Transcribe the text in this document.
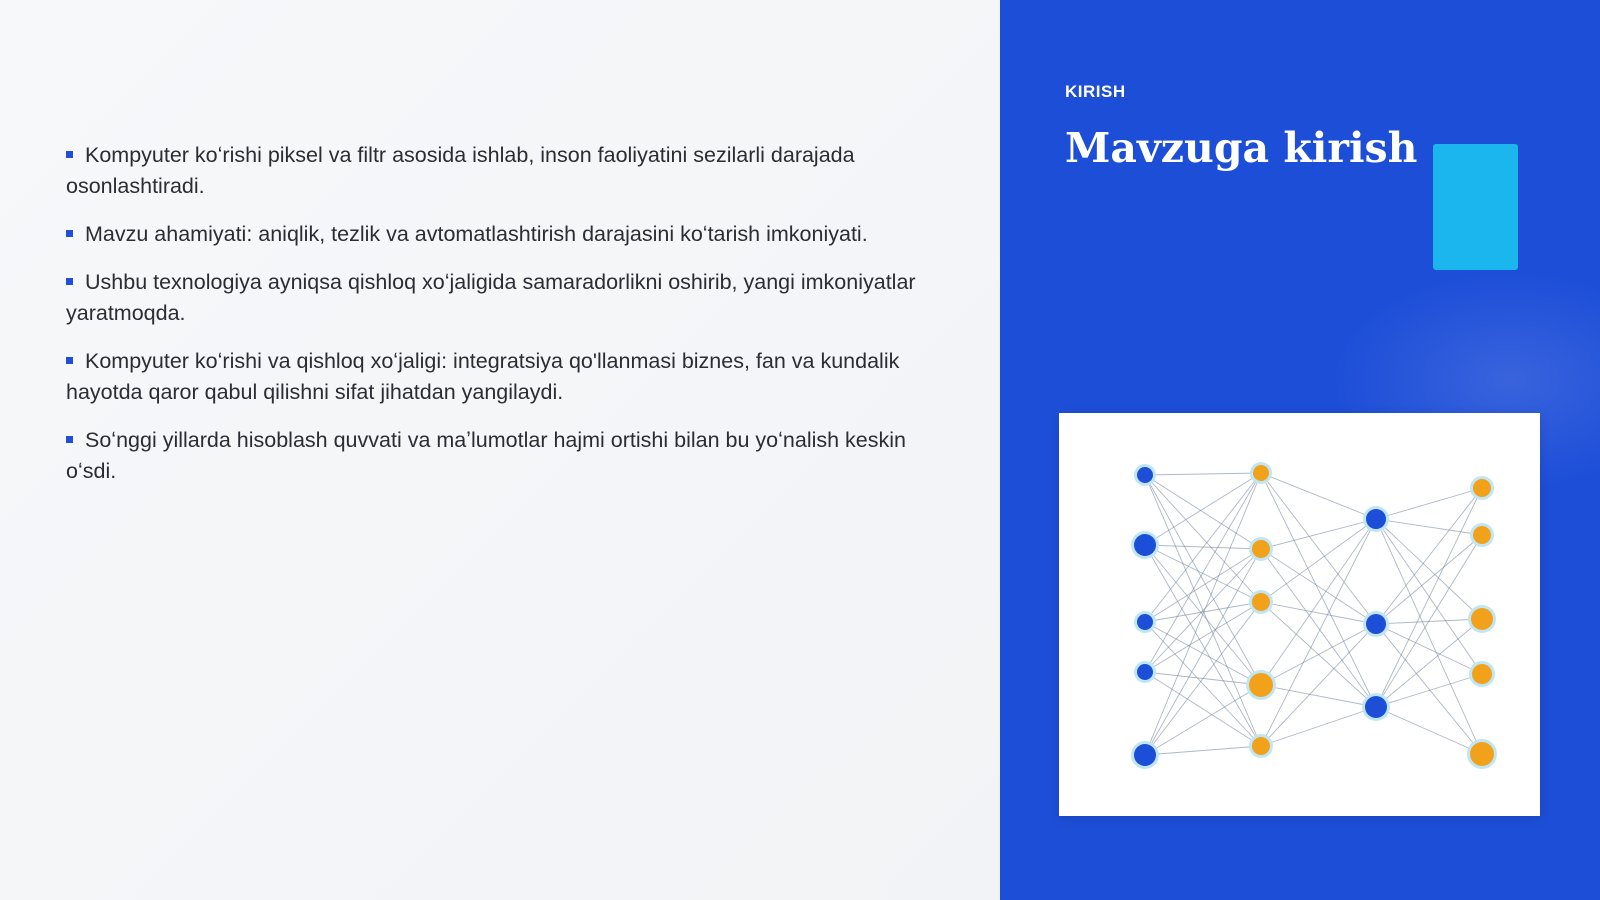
Kompyuter koʻrishi piksel va filtr asosida ishlab, inson faoliyatini sezilarli darajada osonlashtiradi.
Mavzu ahamiyati: aniqlik, tezlik va avtomatlashtirish darajasini koʻtarish imkoniyati.
Ushbu texnologiya ayniqsa qishloq xoʻjaligida samaradorlikni oshirib, yangi imkoniyatlar yaratmoqda.
Kompyuter koʻrishi va qishloq xoʻjaligi: integratsiya qo'llanmasi biznes, fan va kundalik hayotda qaror qabul qilishni sifat jihatdan yangilaydi.
Soʻnggi yillarda hisoblash quvvati va maʼlumotlar hajmi ortishi bilan bu yoʻnalish keskin oʻsdi.
KIRISH
Mavzuga kirish
